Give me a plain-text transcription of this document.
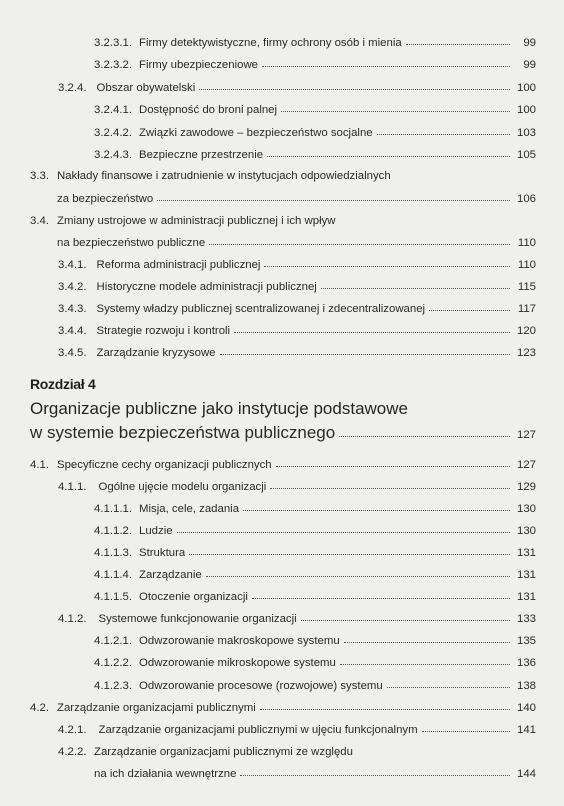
3.2.3.1. Firmy detektywistyczne, firmy ochrony osób i mienia	99
3.2.3.2. Firmy ubezpieczeniowe	99
3.2.4. Obszar obywatelski	100
3.2.4.1. Dostępność do broni palnej	100
3.2.4.2. Związki zawodowe – bezpieczeństwo socjalne	103
3.2.4.3. Bezpieczne przestrzenie	105
3.3. Nakłady finansowe i zatrudnienie w instytucjach odpowiedzialnych
za bezpieczeństwo	106
3.4. Zmiany ustrojowe w administracji publicznej i ich wpływ
na bezpieczeństwo publiczne	110
3.4.1. Reforma administracji publicznej	110
3.4.2. Historyczne modele administracji publicznej	115
3.4.3. Systemy władzy publicznej scentralizowanej i zdecentralizowanej	117
3.4.4. Strategie rozwoju i kontroli	120
3.4.5. Zarządzanie kryzysowe	123
Rozdział 4
Organizacje publiczne jako instytucje podstawowe
w systemie bezpieczeństwa publicznego	127
4.1. Specyficzne cechy organizacji publicznych	127
4.1.1. Ogólne ujęcie modelu organizacji	129
4.1.1.1. Misja, cele, zadania	130
4.1.1.2. Ludzie	130
4.1.1.3. Struktura	131
4.1.1.4. Zarządzanie	131
4.1.1.5. Otoczenie organizacji	131
4.1.2. Systemowe funkcjonowanie organizacji	133
4.1.2.1. Odwzorowanie makroskopowe systemu	135
4.1.2.2. Odwzorowanie mikroskopowe systemu	136
4.1.2.3. Odwzorowanie procesowe (rozwojowe) systemu	138
4.2. Zarządzanie organizacjami publicznymi	140
4.2.1. Zarządzanie organizacjami publicznymi w ujęciu funkcjonalnym	141
4.2.2. Zarządzanie organizacjami publicznymi ze względu
na ich działania wewnętrzne	144
